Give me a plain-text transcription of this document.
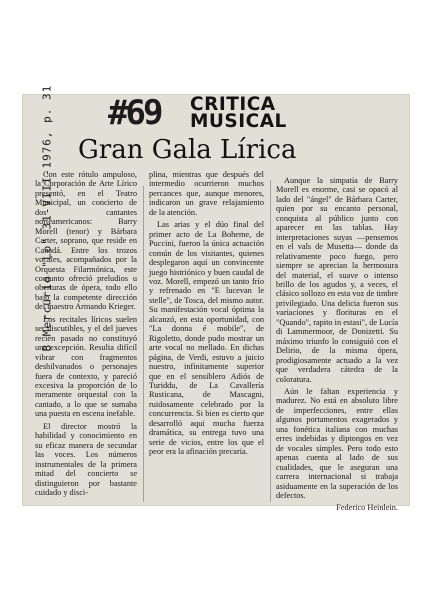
#69
B Mercurio "Lo" 31-VIII-1976, p. 31	CRITICA
MUSICAL
Gran Gala Lírica

Con este rótulo ampuloso, la Corporación de Arte Lírico presentó, en el Teatro Municipal, un concierto de dos cantantes norteamericanos: Barry Morell (tenor) y Bárbara Carter, soprano, que reside en Canadá. Entre los trozos vocales, acompañados por la Orquesta Filarmónica, este conjunto ofreció preludios u oberturas de ópera, todo ello bajo la competente dirección del maestro Armando Krieger.

Los recitales líricos suelen ser discutibles, y el del jueves recién pasado no constituyó una excepción. Resulta difícil vibrar con fragmentos deshilvanados o personajes fuera de contexto, y pareció excesiva la proporción de lo meramente orquestal con la cantado, a lo que se sumaba una puesta en escena inefable.

El director mostró la habilidad y conocimiento en su eficaz manera de secundar las voces. Los números instrumentales de la primera mitad del concierto se distinguieron por bastante cuidado y disci-

plina, mientras que después del intermedio ocurrieron muchos percances que, aunque menores, indicaron un grave relajamiento de la atención.

Las arias y el dúo final del primer acto de La Boheme, de Puccini, fueron la única actuación común de los visitantes, quienes desplegaron aquí un convincente juego histriónico y buen caudal de voz. Morell, empezó un tanto frío y refrenado en "E lucevan le stelle", de Tosca, del mismo autor. Su manifestación vocal óptima la alcanzó, en esta oportunidad, con "La donna é mobile", de Rigoletto, donde pudo mostrar un arte vocal no mellado. En dichas página, de Verdi, estuvo a juicio nuestro, infinitamente superior que en el sensiblero Adiós de Turiddu, de La Cavallería Rusticana, de Mascagni, ruidosamente celebrado por la concurrencia. Si bien es cierto que desarrolló aquí mucha fuerza dramática, su entrega tuvo una serie de vicios, entre los que el peor era la afinación precaria.

Aunque la simpatía de Barry Morell es enorme, casi se opacó al lado del "ángel" de Bárbara Carter, quien por su encanto personal, conquista al público junto con aparecer en las tablas. Hay interpretaciones suyas —pensemos en el vals de Musetta— donde da relativamente poco fuego, pero siempre se aprecian la hermosura del material, el suave o intenso brillo de los agudos y, a veces, el clásico sollozo en esta voz de timbre privilegiado. Una delicia fueron sus variaciones y florituras en el "Quando", rapito in estasi", de Lucía di Lammermoor, de Donizetti. Su máximo triunfo lo consiguió con el Delirio, de la misma ópera, prodigiosamente actuado a la vez que verdadera cátedra de la coloratura.

Aún le faltan experiencia y madurez. No está en absoluto libre de imperfecciones, entre ellas algunos portamentos exagerados y una fonética italiana con muchas erres indebidas y diptongos en vez de vocales simples. Pero todo esto apenas cuenta al lado de sus cualidades, que le aseguran una carrera internacional si trabaja asiduamente en la superación de los defectos.

Federico Heinlein.
